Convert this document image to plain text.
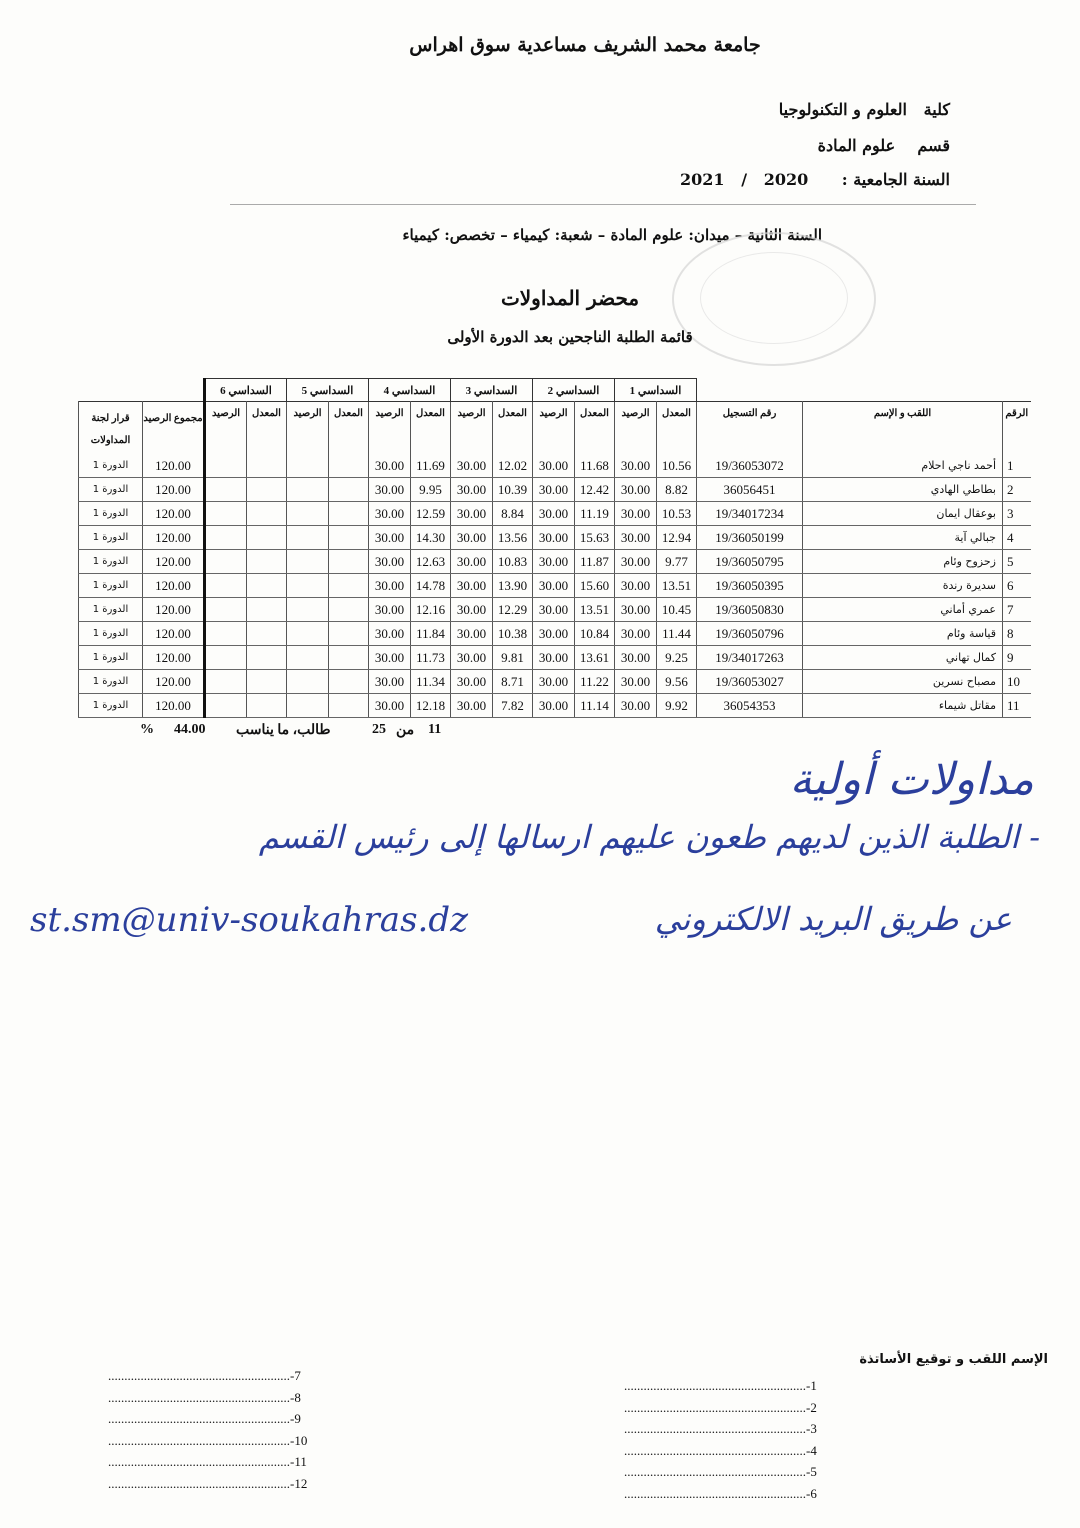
جامعة محمد الشريف مساعدية سوق اهراس
كلية   العلوم و التكنولوجيا
قسم    علوم المادة
السنة الجامعية :      2020   /   2021
السنة الثانية – ميدان: علوم المادة – شعبة: كيمياء – تخصص: كيمياء
محضر المداولات
قائمة الطلبة الناجحين بعد الدورة الأولى
		السداسي 6		السداسي 5		السداسي 4		السداسي 3		السداسي 2		السداسي 1				
قرار لجنة المداولات	مجموع الرصيد	الرصيد	المعدل	الرصيد	المعدل	الرصيد	المعدل	الرصيد	المعدل	الرصيد	المعدل	الرصيد	المعدل	رقم التسجيل	اللقب و الإسم	الرقم
الدورة 1	120.00					30.00	11.69	30.00	12.02	30.00	11.68	30.00	10.56	19/36053072	أحمد ناجي احلام	1
الدورة 1	120.00					30.00	9.95	30.00	10.39	30.00	12.42	30.00	8.82	36056451	بطاطي الهادي	2
الدورة 1	120.00					30.00	12.59	30.00	8.84	30.00	11.19	30.00	10.53	19/34017234	بوعقال ايمان	3
الدورة 1	120.00					30.00	14.30	30.00	13.56	30.00	15.63	30.00	12.94	19/36050199	جبالي آية	4
الدورة 1	120.00					30.00	12.63	30.00	10.83	30.00	11.87	30.00	9.77	19/36050795	زحزوح وئام	5
الدورة 1	120.00					30.00	14.78	30.00	13.90	30.00	15.60	30.00	13.51	19/36050395	سديرة رندة	6
الدورة 1	120.00					30.00	12.16	30.00	12.29	30.00	13.51	30.00	10.45	19/36050830	عمري أماني	7
الدورة 1	120.00					30.00	11.84	30.00	10.38	30.00	10.84	30.00	11.44	19/36050796	قياسة وئام	8
الدورة 1	120.00					30.00	11.73	30.00	9.81	30.00	13.61	30.00	9.25	19/34017263	كمال تهاني	9
الدورة 1	120.00					30.00	11.34	30.00	8.71	30.00	11.22	30.00	9.56	19/36053027	مصباح نسرين	10
الدورة 1	120.00					30.00	12.18	30.00	7.82	30.00	11.14	30.00	9.92	36054353	مقاتل شيماء	11
% 44.00 طالب، ما يناسب	25 من 11
مداولات أولية
- الطلبة الذين لديهم طعون عليهم ارسالها إلى رئيس القسم
عن طريق البريد الالكتروني
st.sm@univ-soukahras.dz
الإسم اللقب و توقيع الأساتذة
........................................................-1
........................................................-2
........................................................-3
........................................................-4
........................................................-5
........................................................-6
........................................................-7
........................................................-8
........................................................-9
........................................................-10
........................................................-11
........................................................-12
